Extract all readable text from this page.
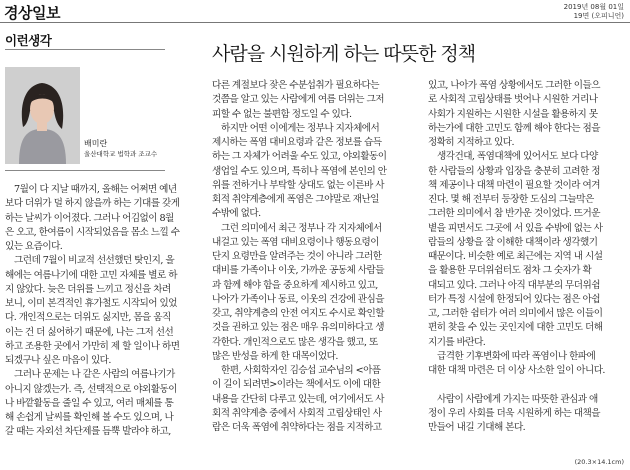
경상일보	2019년 08월 01일
19면 (오피니언)
이런생각
사람을 시원하게 하는 따뜻한 정책
배미란
울산대학교 법학과 조교수
　7월이 다 지날 때까지, 올해는 어쩌면 예년
보다 더위가 덜 하지 않을까 하는 기대를 갖게
하는 날씨가 이어졌다. 그러나 어김없이 8월
은 오고, 한여름이 시작되었음을 몸소 느낄 수
있는 요즘이다.
　그런데 7월이 비교적 선선했던 탓인지, 올
해에는 여름나기에 대한 고민 자체를 별로 하
지 않았다. 늦은 더위를 느끼고 정신을 차려
보니, 이미 본격적인 휴가철도 시작되어 있었
다. 개인적으로는 더위도 싫지만, 몸을 움직
이는 건 더 싫어하기 때문에, 나는 그저 선선
하고 조용한 곳에서 가만히 제 할 일이나 하면
되겠구나 싶은 마음이 있다.
　그러나 문제는 나 같은 사람의 여름나기가
아니지 않겠는가. 즉, 선택적으로 야외활동이
나 바깥활동을 줄일 수 있고, 여러 매체를 통
해 손쉽게 날씨를 확인해 볼 수도 있으며, 나
갈 때는 자외선 차단제를 듬뿍 발라야 하고,
다른 계절보다 잦은 수분섭취가 필요하다는
것쯤을 알고 있는 사람에게 여름 더위는 그저
피할 수 없는 불편함 정도일 수 있다.
　하지만 어떤 이에게는 정부나 지자체에서
제시하는 폭염 대비요령과 같은 정보를 습득
하는 그 자체가 어려울 수도 있고, 야외활동이
생업일 수도 있으며, 특히나 폭염에 본인의 안
위를 전하거나 부탁할 상대도 없는 이른바 사
회적 취약계층에게 폭염은 그야말로 재난일
수밖에 없다.
　그런 의미에서 최근 정부나 각 지자체에서
내걸고 있는 폭염 대비요령이나 행동요령이
단지 요령만을 알려주는 것이 아니라 그러한
대비를 가족이나 이웃, 가까운 공동체 사람들
과 함께 해야 함을 중요하게 제시하고 있고,
나아가 가족이나 동료, 이웃의 건강에 관심을
갖고, 취약계층의 안전 여지도 수시로 확인할
것을 권하고 있는 점은 매우 유의미하다고 생
각한다. 개인적으로도 많은 생각을 했고, 또
많은 반성을 하게 한 대목이었다.
　한편, 사회학자인 김승섭 교수님의 <아픔
이 길이 되려면>이라는 책에서도 이에 대한
내용을 간단히 다루고 있는데, 여기에서도 사
회적 취약계층 중에서 사회적 고립상태인 사
람은 더욱 폭염에 취약하다는 점을 지적하고
있고, 나아가 폭염 상황에서도 그러한 이들으
로 사회적 고립상태를 벗어나 시원한 거리나
사회가 지원하는 시원한 시설을 활용하지 못
하는가에 대한 고민도 함께 해야 한다는 점을
정확히 지적하고 있다.
　생각건대, 폭염대책에 있어서도 보다 다양
한 사람들의 상황과 입장을 충분히 고려한 정
책 제공이나 대책 마련이 필요할 것이라 여겨
진다. 몇 해 전부터 등장한 도심의 그늘막은
그러한 의미에서 참 반가운 것이었다. 뜨거운
볕을 피면서도 그곳에 서 있을 수밖에 없는 사
람들의 상황을 잘 이해한 대책이라 생각했기
때문이다. 비슷한 예로 최근에는 지역 내 시설
을 활용한 무더위쉼터도 점차 그 숫자가 확
대되고 있다. 그러나 아직 대부분의 무더위쉼
터가 특정 시설에 한정되어 있다는 점은 아쉽
고, 그러한 쉼터가 여러 의미에서 많은 이들이
편히 찾을 수 있는 곳인지에 대한 고민도 더해
지기를 바란다.
　급격한 기후변화에 따라 폭염이나 한파에
대한 대책 마련은 더 이상 사소한 일이 아니다.
　사람이 사람에게 가지는 따뜻한 관심과 애
정이 우리 사회를 더욱 시원하게 하는 대책을
만들어 내길 기대해 본다.
(20.3×14.1cm)
